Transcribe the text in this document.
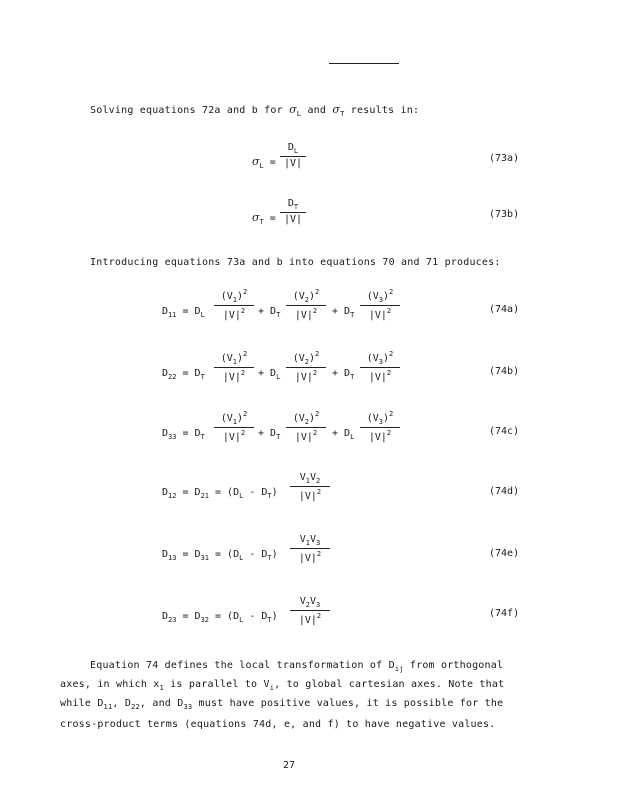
Solving equations 72a and b for $\sigma_L$ and $\sigma_T$ results in:
$\sigma_L$ =
$D_L$
|V|	(73a)
$\sigma_T$ =
$D_T$
|V|	(73b)
Introducing equations 73a and b into equations 70 and 71 produces:
$D_{11} = D_L$
$(V_1)^2$
$|V|^2$	+ $D_T$
$(V_2)^2$
$|V|^2$	+ $D_T$
$(V_3)^2$
$|V|^2$	(74a)
$D_{22} = D_T$
$(V_1)^2$
$|V|^2$	+ $D_L$
$(V_2)^2$
$|V|^2$	+ $D_T$
$(V_3)^2$
$|V|^2$	(74b)
$D_{33} = D_T$
$(V_1)^2$
$|V|^2$	+ $D_T$
$(V_2)^2$
$|V|^2$	+ $D_L$
$(V_3)^2$
$|V|^2$	(74c)
$D_{12} = D_{21} = (D_L - D_T)$
$V_1V_2$
$|V|^2$	(74d)
$D_{13} = D_{31} = (D_L - D_T)$
$V_1V_3$
$|V|^2$	(74e)
$D_{23} = D_{32} = (D_L - D_T)$
$V_2V_3$
$|V|^2$	(74f)
Equation 74 defines the local transformation of $D_{ij}$ from orthogonal
axes, in which $x_1$ is parallel to $V_i$, to global cartesian axes. Note that
while $D_{11}$, $D_{22}$, and $D_{33}$ must have positive values, it is possible for the
cross-product terms (equations 74d, e, and f) to have negative values.
27
